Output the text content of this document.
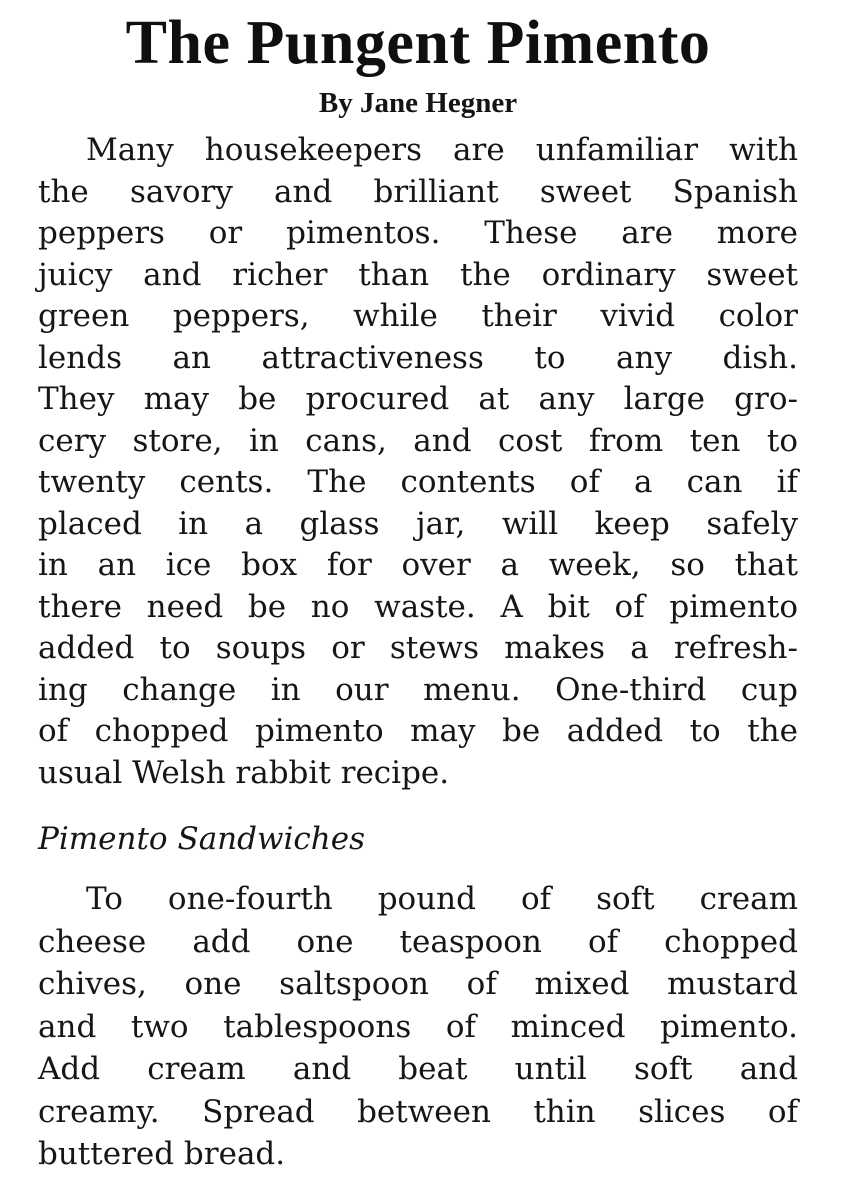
The Pungent Pimento
By Jane Hegner
Many housekeepers are unfamiliar with
the savory and brilliant sweet Spanish
peppers or pimentos. These are more
juicy and richer than the ordinary sweet
green peppers, while their vivid color
lends an attractiveness to any dish.
They may be procured at any large gro-
cery store, in cans, and cost from ten to
twenty cents. The contents of a can if
placed in a glass jar, will keep safely
in an ice box for over a week, so that
there need be no waste. A bit of pimento
added to soups or stews makes a refresh-
ing change in our menu. One-third cup
of chopped pimento may be added to the
usual Welsh rabbit recipe.
Pimento Sandwiches
To one-fourth pound of soft cream
cheese add one teaspoon of chopped
chives, one saltspoon of mixed mustard
and two tablespoons of minced pimento.
Add cream and beat until soft and
creamy. Spread between thin slices of
buttered bread.
